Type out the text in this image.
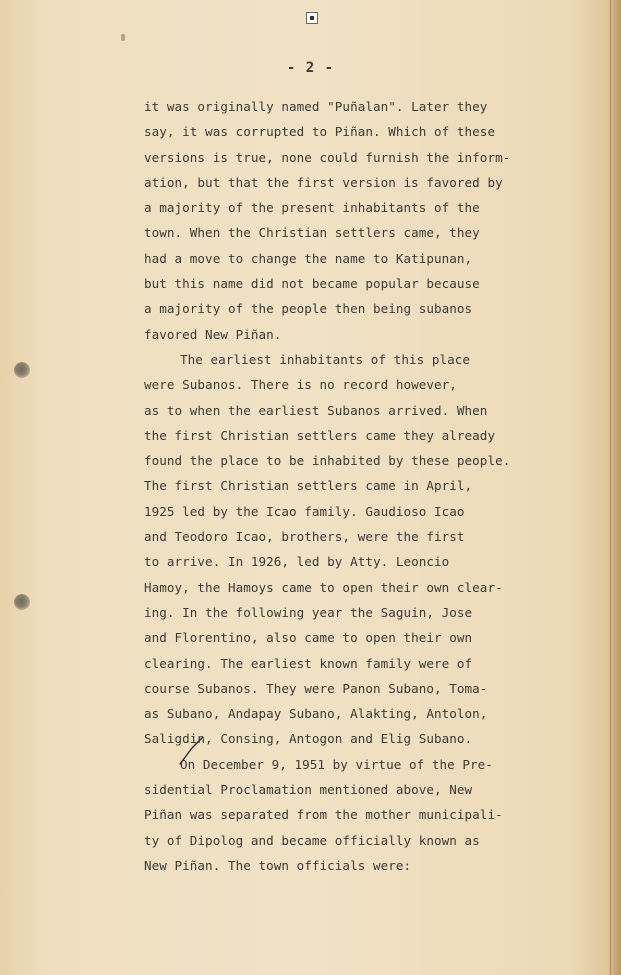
- 2 -
it was originally named "Puñalan". Later they
say, it was corrupted to Piñan. Which of these
versions is true, none could furnish the inform-
ation, but that the first version is favored by
a majority of the present inhabitants of the
town. When the Christian settlers came, they
had a move to change the name to Katipunan,
but this name did not became popular because
a majority of the people then being subanos
favored New Piñan.
The earliest inhabitants of this place
were Subanos. There is no record however,
as to when the earliest Subanos arrived. When
the first Christian settlers came they already
found the place to be inhabited by these people.
The first Christian settlers came in April,
1925 led by the Icao family. Gaudioso Icao
and Teodoro Icao, brothers, were the first
to arrive. In 1926, led by Atty. Leoncio
Hamoy, the Hamoys came to open their own clear-
ing. In the following year the Saguin, Jose
and Florentino, also came to open their own
clearing. The earliest known family were of
course Subanos. They were Panon Subano, Toma-
as Subano, Andapay Subano, Alakting, Antolon,
Saligdin, Consing, Antogon and Elig Subano.
On December 9, 1951 by virtue of the Pre-
sidential Proclamation mentioned above, New
Piñan was separated from the mother municipali-
ty of Dipolog and became officially known as
New Piñan. The town officials were:
